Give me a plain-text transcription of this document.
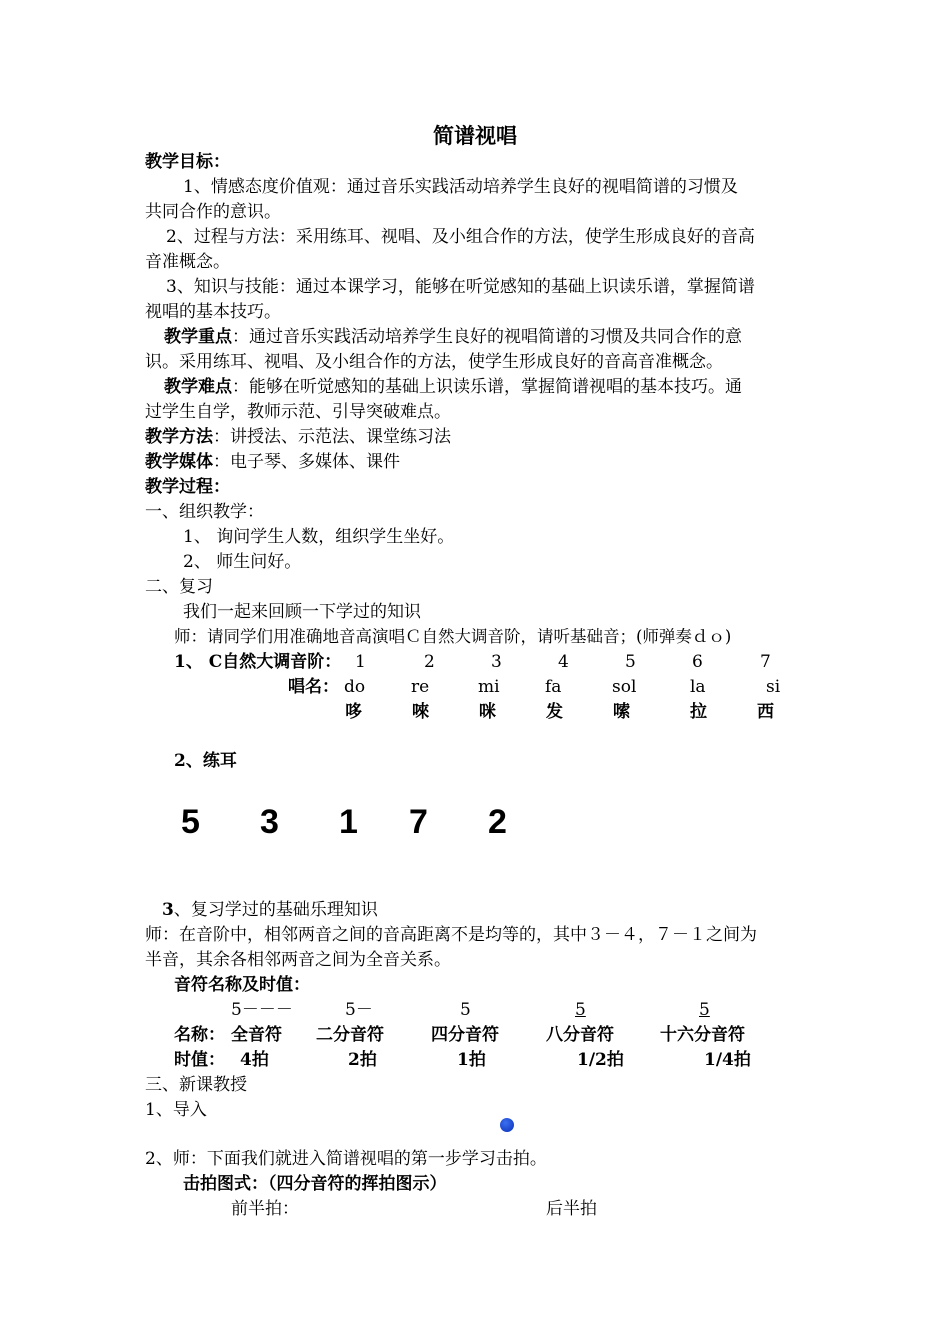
简谱视唱
教学目标：
1、情感态度价值观：通过音乐实践活动培养学生良好的视唱简谱的习惯及
共同合作的意识。
2、过程与方法：采用练耳、视唱、及小组合作的方法，使学生形成良好的音高
音准概念。
3、知识与技能：通过本课学习，能够在听觉感知的基础上识读乐谱，掌握简谱
视唱的基本技巧。
教学重点：通过音乐实践活动培养学生良好的视唱简谱的习惯及共同合作的意
识。采用练耳、视唱、及小组合作的方法，使学生形成良好的音高音准概念。
教学难点：能够在听觉感知的基础上识读乐谱，掌握简谱视唱的基本技巧。通
过学生自学，教师示范、引导突破难点。
教学方法：讲授法、示范法、课堂练习法
教学媒体：电子琴、多媒体、课件
教学过程：
一、组织教学：
1、 询问学生人数，组织学生坐好。
2、 师生问好。
二、复习
我们一起来回顾一下学过的知识
师：请同学们用准确地音高演唱Ｃ自然大调音阶，请听基础音；(师弹奏ｄｏ)
1、 C自然大调音阶： 1	2	3	4	5	6	7
唱名： do	re	mi	fa	sol	la	si
哆	唻	咪	发	嗦	拉	西
2、练耳
5 3 1 7 2
3、复习学过的基础乐理知识
师：在音阶中，相邻两音之间的音高距离不是均等的，其中３－４，７－１之间为
半音，其余各相邻两音之间为全音关系。
音符名称及时值：
5－－－	5－	5	5	5
名称： 全音符 二分音符	四分音符	八分音符	十六分音符
时值： 4拍	2拍	1拍	1/2拍	1/4拍
三、新课教授
1、导入
2、师：下面我们就进入简谱视唱的第一步学习击拍。
击拍图式：（四分音符的挥拍图示）
前半拍：	后半拍
